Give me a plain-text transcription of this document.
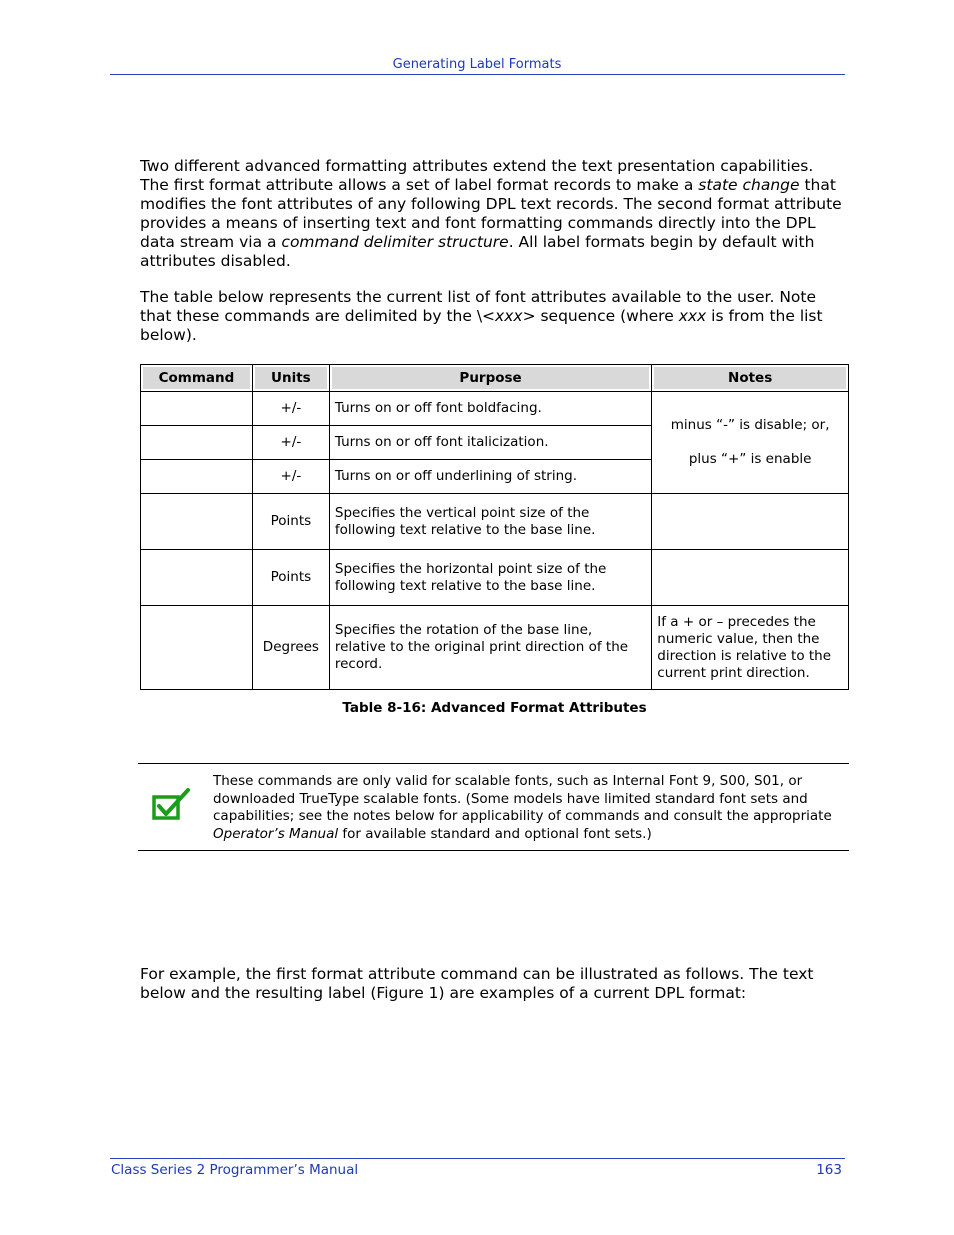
Generating Label Formats

Two different advanced formatting attributes extend the text presentation capabilities. The first format attribute allows a set of label format records to make a state change that modifies the font attributes of any following DPL text records. The second format attribute provides a means of inserting text and font formatting commands directly into the DPL data stream via a command delimiter structure. All label formats begin by default with attributes disabled.

The table below represents the current list of font attributes available to the user. Note that these commands are delimited by the \<xxx> sequence (where xxx is from the list below).

Command	Units	Purpose	Notes
	+/-	Turns on or off font boldfacing.	minus “-” is disable; or,
plus “+” is enable

	+/-	Turns on or off font italicization.	
	+/-	Turns on or off underlining of string.	
	Points	Specifies the vertical point size of the following text relative to the base line.	
	Points	Specifies the horizontal point size of the following text relative to the base line.	
	Degrees	Specifies the rotation of the base line, relative to the original print direction of the record.	If a + or – precedes the numeric value, then the direction is relative to the current print direction.
Table 8-16: Advanced Format Attributes

These commands are only valid for scalable fonts, such as Internal Font 9, S00, S01, or downloaded TrueType scalable fonts. (Some models have limited standard font sets and capabilities; see the notes below for applicability of commands and consult the appropriate Operator’s Manual for available standard and optional font sets.)

For example, the first format attribute command can be illustrated as follows. The text below and the resulting label (Figure 1) are examples of a current DPL format:

Class Series 2 Programmer’s Manual	163
